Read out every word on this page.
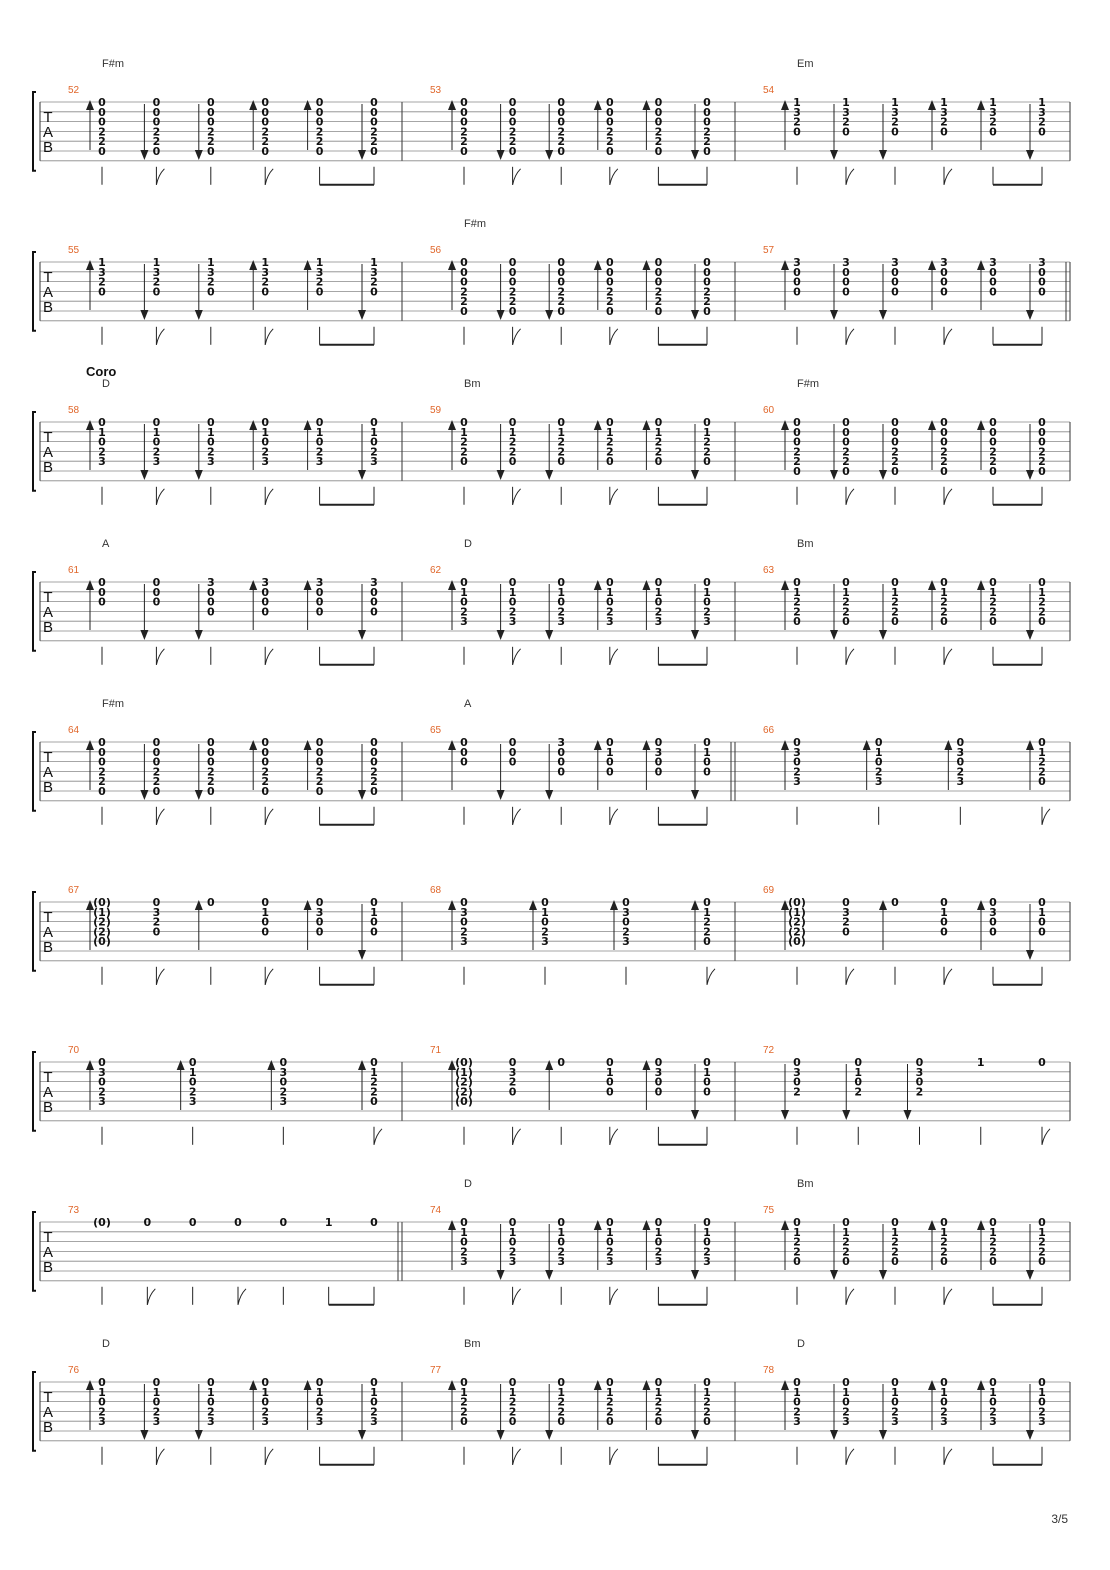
T
A
B
52
F#m
0
0
0
2
2
0
0
0
0
2
2
0
0
0
0
2
2
0
0
0
0
2
2
0
0
0
0
2
2
0
0
0
0
2
2
0
53
0
0
0
2
2
0
0
0
0
2
2
0
0
0
0
2
2
0
0
0
0
2
2
0
0
0
0
2
2
0
0
0
0
2
2
0
54
Em
1
3
2
0
1
3
2
0
1
3
2
0
1
3
2
0
1
3
2
0
1
3
2
0
T
A
B
55
1
3
2
0
1
3
2
0
1
3
2
0
1
3
2
0
1
3
2
0
1
3
2
0
56
F#m
0
0
0
2
2
0
0
0
0
2
2
0
0
0
0
2
2
0
0
0
0
2
2
0
0
0
0
2
2
0
0
0
0
2
2
0
57
3
0
0
0
3
0
0
0
3
0
0
0
3
0
0
0
3
0
0
0
3
0
0
0
T
A
B
Coro
58
D
0
1
0
2
3
0
1
0
2
3
0
1
0
2
3
0
1
0
2
3
0
1
0
2
3
0
1
0
2
3
59
Bm
0
1
2
2
0
0
1
2
2
0
0
1
2
2
0
0
1
2
2
0
0
1
2
2
0
0
1
2
2
0
60
F#m
0
0
0
2
2
0
0
0
0
2
2
0
0
0
0
2
2
0
0
0
0
2
2
0
0
0
0
2
2
0
0
0
0
2
2
0
T
A
B
61
A
0
0
0
0
0
0
3
0
0
0
3
0
0
0
3
0
0
0
3
0
0
0
62
D
0
1
0
2
3
0
1
0
2
3
0
1
0
2
3
0
1
0
2
3
0
1
0
2
3
0
1
0
2
3
63
Bm
0
1
2
2
0
0
1
2
2
0
0
1
2
2
0
0
1
2
2
0
0
1
2
2
0
0
1
2
2
0
T
A
B
64
F#m
0
0
0
2
2
0
0
0
0
2
2
0
0
0
0
2
2
0
0
0
0
2
2
0
0
0
0
2
2
0
0
0
0
2
2
0
65
A
0
0
0
0
0
0
3
0
0
0
0
1
0
0
0
3
0
0
0
1
0
0
66
0
3
0
2
3
0
1
0
2
3
0
3
0
2
3
0
1
2
2
0
T
A
B
67
(0)
(1)
(2)
(2)
(0)
0
3
2
0
0	0
1
0
0
0
3
0
0
0
1
0
0
68
0
3
0
2
3
0
1
0
2
3
0
3
0
2
3
0
1
2
2
0
69
(0)
(1)
(2)
(2)
(0)
0
3
2
0
0	0
1
0
0
0
3
0
0
0
1
0
0
T
A
B
70
0
3
0
2
3
0
1
0
2
3
0
3
0
2
3
0
1
2
2
0
71
(0)
(1)
(2)
(2)
(0)
0
3
2
0
0	0
1
0
0
0
3
0
0
0
1
0
0
72
0
3
0
2
0
1
0
2
0
3
0
2
1	0
T
A
B
73
(0)	0	0	0	0	1	0
74
D
0
1
0
2
3
0
1
0
2
3
0
1
0
2
3
0
1
0
2
3
0
1
0
2
3
0
1
0
2
3
75
Bm
0
1
2
2
0
0
1
2
2
0
0
1
2
2
0
0
1
2
2
0
0
1
2
2
0
0
1
2
2
0
T
A
B
76
D
0
1
0
2
3
0
1
0
2
3
0
1
0
2
3
0
1
0
2
3
0
1
0
2
3
0
1
0
2
3
77
Bm
0
1
2
2
0
0
1
2
2
0
0
1
2
2
0
0
1
2
2
0
0
1
2
2
0
0
1
2
2
0
78
D
0
1
0
2
3
0
1
0
2
3
0
1
0
2
3
0
1
0
2
3
0
1
0
2
3
0
1
0
2
3
3/5
